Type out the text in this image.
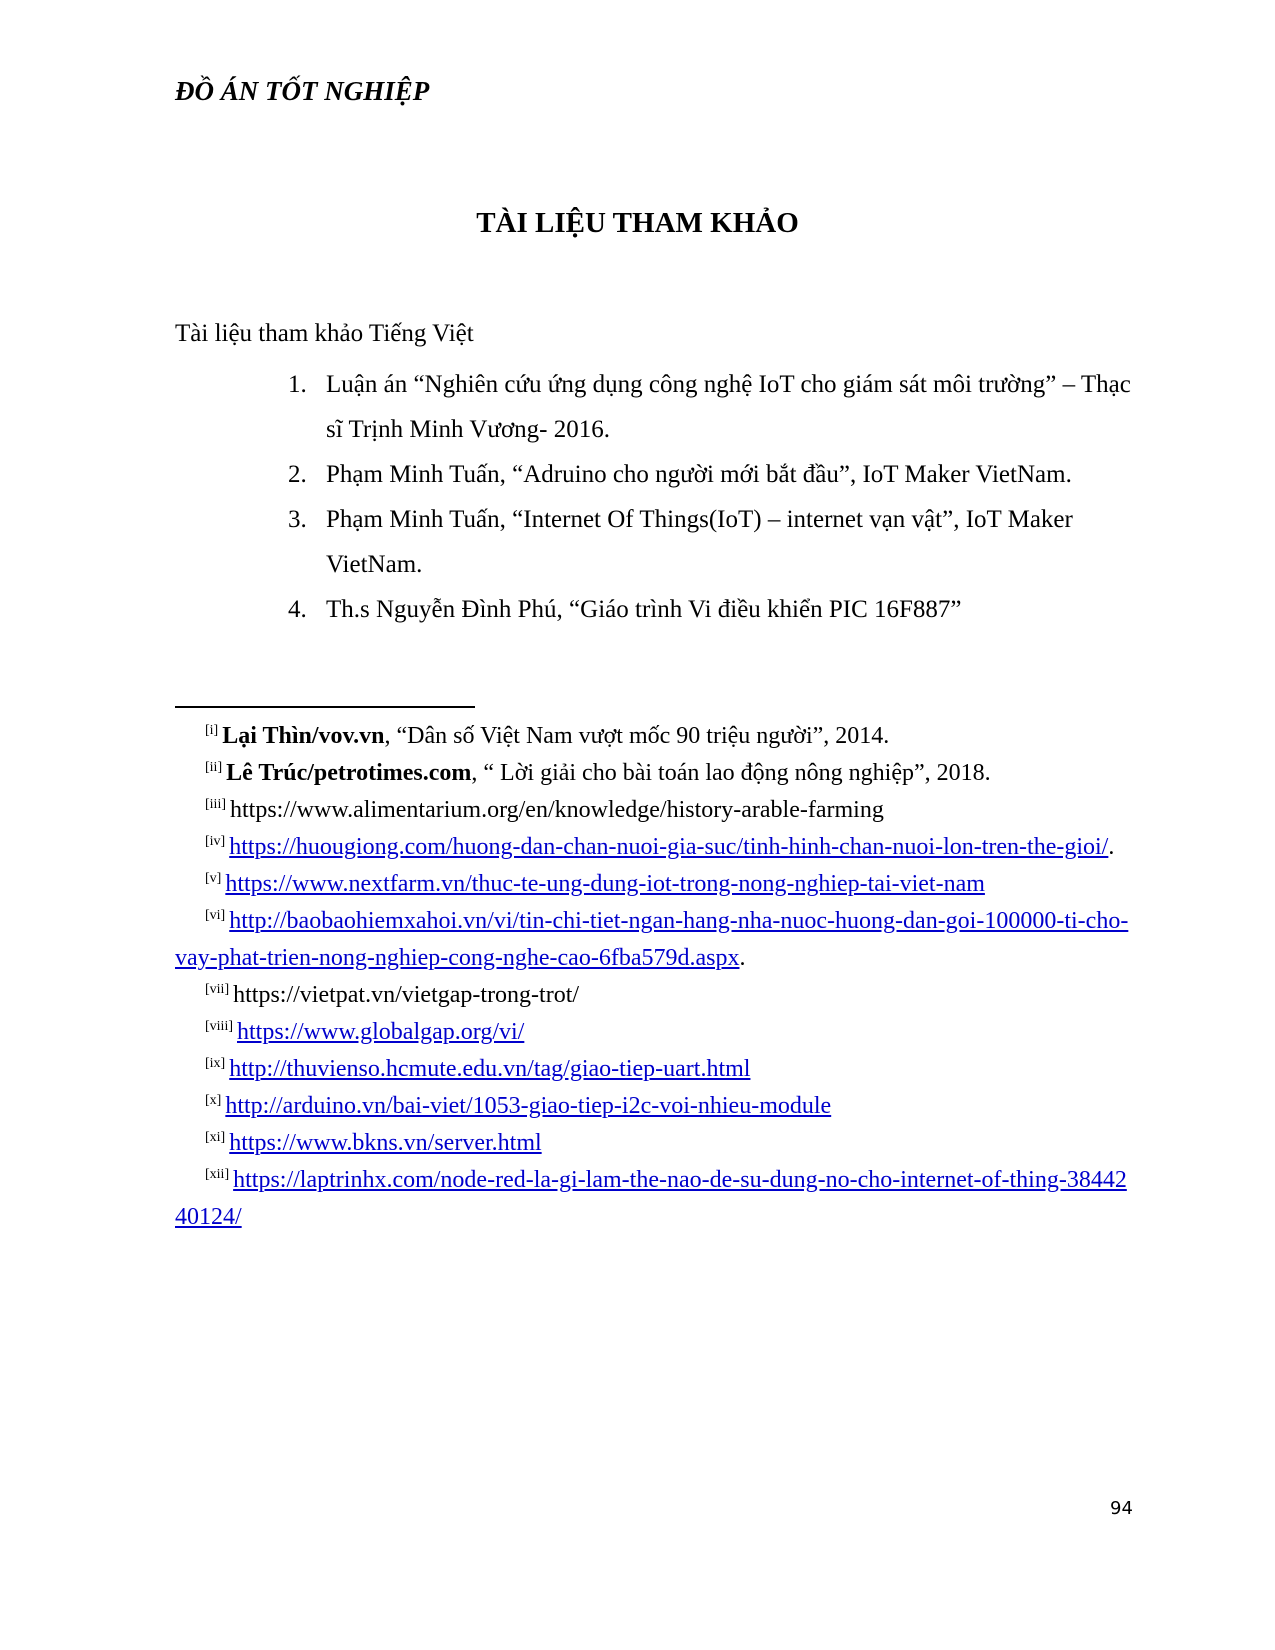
ĐỒ ÁN TỐT NGHIỆP
TÀI LIỆU THAM KHẢO
Tài liệu tham khảo Tiếng Việt
1. Luận án “Nghiên cứu ứng dụng công nghệ IoT cho giám sát môi trường” – Thạc sĩ Trịnh Minh Vương- 2016.
2. Phạm Minh Tuấn, “Adruino cho người mới bắt đầu”, IoT Maker VietNam.
3. Phạm Minh Tuấn, “Internet Of Things(IoT) – internet vạn vật”, IoT Maker VietNam.
4. Th.s Nguyễn Đình Phú, “Giáo trình Vi điều khiển PIC 16F887”
[i] Lại Thìn/vov.vn, “Dân số Việt Nam vượt mốc 90 triệu người”, 2014.
[ii] Lê Trúc/petrotimes.com, “ Lời giải cho bài toán lao động nông nghiệp”, 2018.
[iii] https://www.alimentarium.org/en/knowledge/history-arable-farming
[iv] https://huougiong.com/huong-dan-chan-nuoi-gia-suc/tinh-hinh-chan-nuoi-lon-tren-the-gioi/.
[v] https://www.nextfarm.vn/thuc-te-ung-dung-iot-trong-nong-nghiep-tai-viet-nam
[vi] http://baobaohiemxahoi.vn/vi/tin-chi-tiet-ngan-hang-nha-nuoc-huong-dan-goi-100000-ti-cho-vay-phat-trien-nong-nghiep-cong-nghe-cao-6fba579d.aspx.
[vii] https://vietpat.vn/vietgap-trong-trot/
[viii] https://www.globalgap.org/vi/
[ix] http://thuvienso.hcmute.edu.vn/tag/giao-tiep-uart.html
[x] http://arduino.vn/bai-viet/1053-giao-tiep-i2c-voi-nhieu-module
[xi] https://www.bkns.vn/server.html
[xii] https://laptrinhx.com/node-red-la-gi-lam-the-nao-de-su-dung-no-cho-internet-of-thing-3844240124/
94
